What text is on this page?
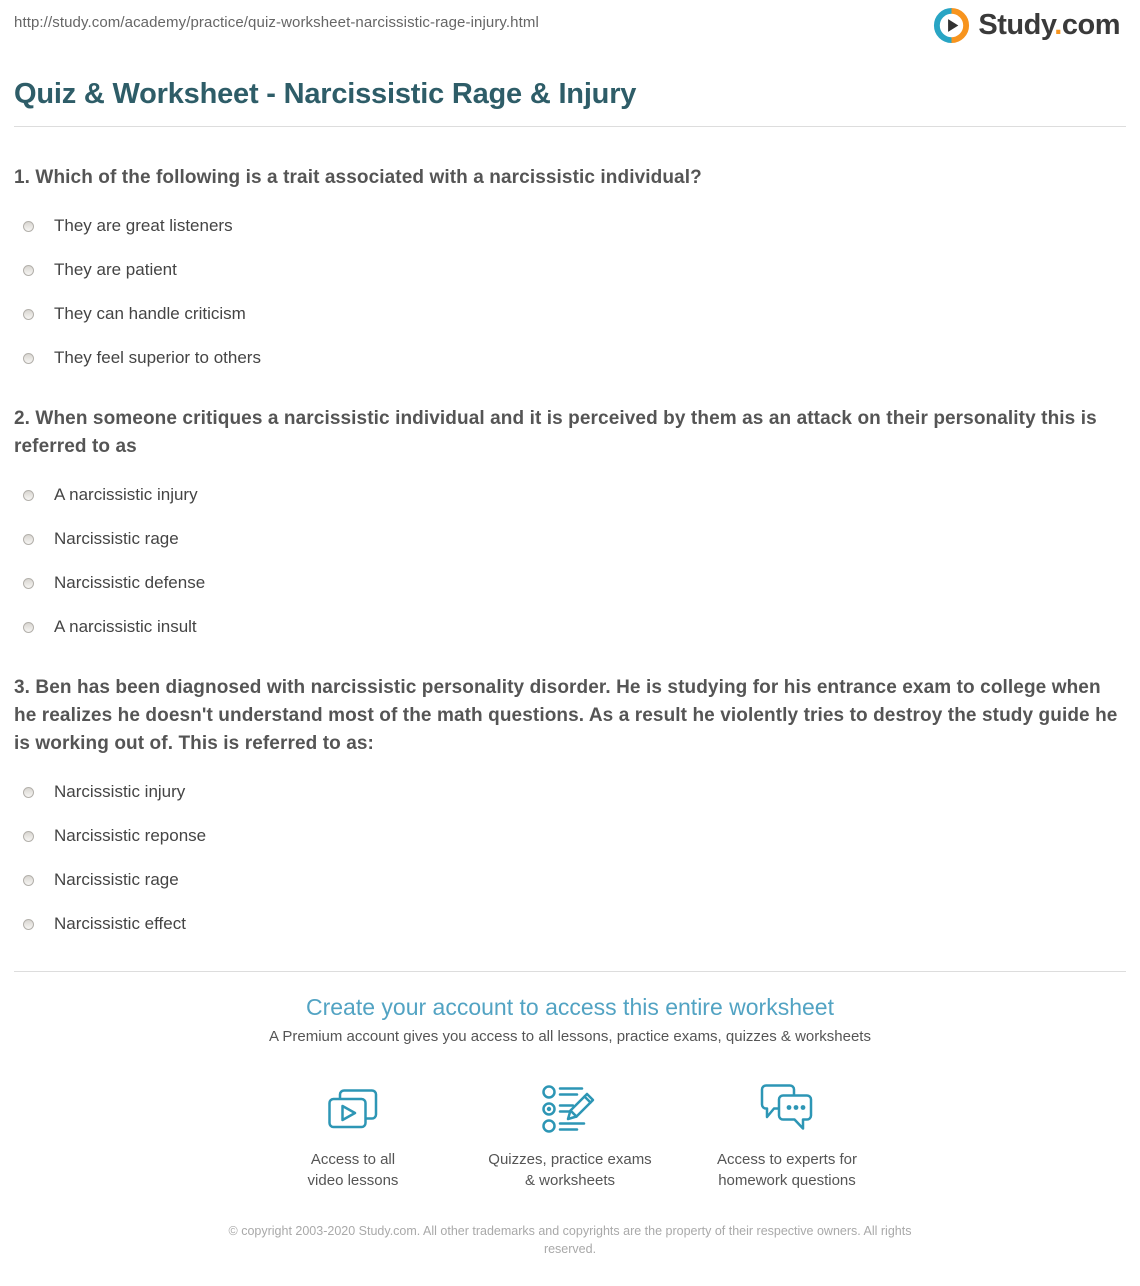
http://study.com/academy/practice/quiz-worksheet-narcissistic-rage-injury.html	Study.com
Quiz & Worksheet - Narcissistic Rage & Injury
1. Which of the following is a trait associated with a narcissistic individual?
They are great listeners
They are patient
They can handle criticism
They feel superior to others
2. When someone critiques a narcissistic individual and it is perceived by them as an attack on their personality this is referred to as
A narcissistic injury
Narcissistic rage
Narcissistic defense
A narcissistic insult
3. Ben has been diagnosed with narcissistic personality disorder. He is studying for his entrance exam to college when he realizes he doesn't understand most of the math questions. As a result he violently tries to destroy the study guide he is working out of. This is referred to as:
Narcissistic injury
Narcissistic reponse
Narcissistic rage
Narcissistic effect
Create your account to access this entire worksheet
A Premium account gives you access to all lessons, practice exams, quizzes & worksheets
Access to all
video lessons
Quizzes, practice exams
& worksheets
Access to experts for
homework questions
© copyright 2003-2020 Study.com. All other trademarks and copyrights are the property of their respective owners. All rights reserved.
